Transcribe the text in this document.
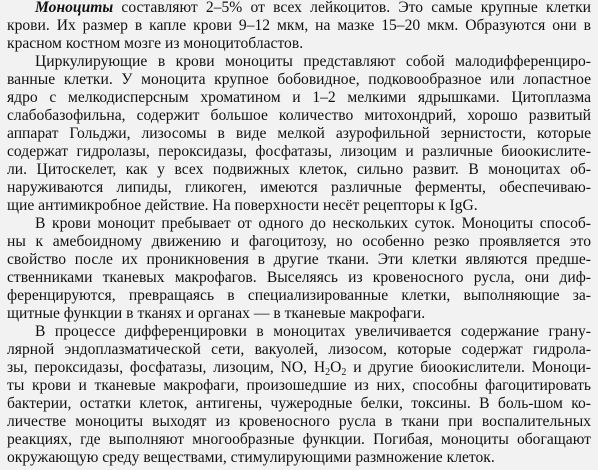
Моноциты составляют 2–5% от всех лейкоцитов. Это самые крупные клетки
крови. Их размер в капле крови 9–12 мкм, на мазке 15–20 мкм. Образуются они в
красном костном мозге из моноцитобластов.
Циркулирующие в крови моноциты представляют собой малодифференциро-
ванные клетки. У моноцита крупное бобовидное, подковообразное или лопастное
ядро с мелкодисперсным хроматином и 1–2 мелкими ядрышками. Цитоплазма
слабобазофильна, содержит большое количество митохондрий, хорошо развитый
аппарат Гольджи, лизосомы в виде мелкой азурофильной зернистости, которые
содержат гидролазы, пероксидазы, фосфатазы, лизоцим и различные биоокислите-
ли. Цитоскелет, как у всех подвижных клеток, сильно развит. В моноцитах об-
наруживаются липиды, гликоген, имеются различные ферменты, обеспечиваю-
щие антимикробное действие. На поверхности несёт рецепторы к IgG.
В крови моноцит пребывает от одного до нескольких суток. Моноциты способ-
ны к амебоидному движению и фагоцитозу, но особенно резко проявляется это
свойство после их проникновения в другие ткани. Эти клетки являются предше-
ственниками тканевых макрофагов. Выселяясь из кровеносного русла, они диф-
ференцируются, превращаясь в специализированные клетки, выполняющие за-
щитные функции в тканях и органах — в тканевые макрофаги.
В процессе дифференцировки в моноцитах увеличивается содержание грану-
лярной эндоплазматической сети, вакуолей, лизосом, которые содержат гидрола-
зы, пероксидазы, фосфатазы, лизоцим, NO, $H_2O_2$ и другие биоокислители. Моноци-
ты крови и тканевые макрофаги, произошедшие из них, способны фагоцитировать
бактерии, остатки клеток, антигены, чужеродные белки, токсины. В боль-шом ко-
личестве моноциты выходят из кровеносного русла в ткани при воспалительных
реакциях, где выполняют многообразные функции. Погибая, моноциты обогащают
окружающую среду веществами, стимулирующими размножение клеток.
